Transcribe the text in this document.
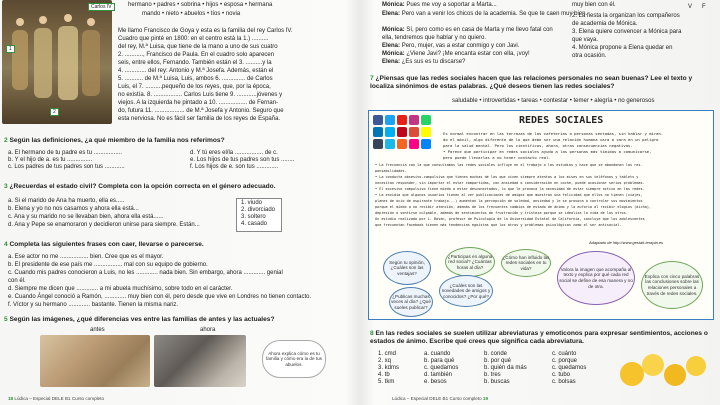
Carlos IV
1
2
hermano • padres • sobrina • hijos • esposa • hermana
mando • nieto • abuelos • tíos • novia
Me llamo Francisco de Goya y esta es la familia del rey Carlos IV.
Cuadro que pinté en 1800: en el centro está la 1.) ..........
del rey, M.ª Luisa, que tiene de la mano a uno de sus cuatro
2. ..........., Francisco de Paula. En el cuadro solo aparecen
seis, entre ellos, Fernando. También están el 3. ..........y la
4. ............. del rey: Antonio y M.ª Josefa. Además, están el
5. ........... de M.ª Luisa, Luis, ambos 6. .............. de Carlos
Luis, el 7. ..........pequeño de los reyes, que, por la época,
no existía. 8. ................. Carlos Luis tiene 9. ............jóvenes y
viejos. A la izquierda he pintado a 10. ................. de Fernan-
do, futura 11. .................. de M.ª Josefa y Antonio. Seguro que
esta nerviosa. No es fácil ser familia de los reyes de España.
2 Según las definiciones, ¿a qué miembro de la familia nos referimos?
a. El hermano de tu padre es tu .................
b. Y el hijo de a. es tu ...............
c. Los padres de tus padres son tus ............
d. Y tú eres el/la ................. de c.
e. Los hijos de tus padres son tus ........
f. Los hijos de e. son tus .............
3 ¿Recuerdas el estado civil? Completa con la opción correcta en el género adecuado.
a. Si el marido de Ana ha muerto, ella es.....
b. Elena y yo no nos casamos y ahora ella está...
c. Ana y su marido no se llevaban bien, ahora ella está......
d. Ana y Pepe se enamoraron y decidieron unirse para siempre. Están...
1. viudo
2. divorciado
3. soltero
4. casado
4 Completa las siguientes frases con caer, llevarse o parecerse.
a. Ese actor no me ................. bien. Cree que es el mayor.
b. El presidente de ese país me ................. mal con su equipo de gobierno.
c. Cuando mis padres conocieron a Luis, no les ............. nada bien. Sin embargo, ahora ............. genial
con él.
d. Siempre me dicen que ............. a mi abuela muchísimo, sobre todo en el carácter.
e. Cuando Ángel conoció a Ramón, ............. muy bien con él, pero desde que vive en Londres no tienen contacto.
f. Víctor y su hermano ............. bastante. Tienen la misma nariz.
5 Según las imágenes, ¿qué diferencias ves entre las familias de antes y las actuales?
antes	ahora
Ahora explica cómo es tu familia y cómo era la de tus abuelos.
18 Lúdica – Especial DELE B1 Curso completo
Mónica: Pues me voy a soportar a Marta...
Elena: Pero van a venir los chicos de la academia. Se que te caen muy bien.
Mónica: Sí, pero como es en casa de Marta y me llevo fatal con ella, tendremos que hablar y no quiero.
Elena: Pero, mujer, vas a estar conmigo y con Javi.
Mónica: ¿Viene Javi? ¡Me encanta estar con ella, ¡voy!
Elena: ¿Es sus es tu discarse?
muy bien con él.
2. La fiesta la organizan los compañeros de academia de Mónica.
3. Elena quiere convencer a Mónica para que vaya.
4. Mónica propone a Elena quedar en otra ocasión.
V F
7 ¿Piensas que las redes sociales hacen que las relaciones personales no sean buenas? Lee el texto y localiza sinónimos de estas palabras. ¿Qué deseos tienen las redes sociales?
saludable • introvertidas • tareas • contestar • temer • alegría • no generosos
REDES SOCIALES
Es normal encontrar en las terrazas de las cafeterías a personas sentadas, sin hablar y miran-
do el móvil, algo diferente de lo que debe ser una relación humana cara a cara en un pelígro
para la salud mental. Pero los científicos, ahora, otras consecuencias negativas.
• Parece que participar en redes sociales ayuda a las personas más tímidas a comunicarse,
pero puede llevarlas a no tener contacto real.
• La frecuencia con la que consultamos las redes sociales influye en el trabajo o las estudios y hace que se abandonen las res-
ponsabilidades.
• La conducta obsesivo-compulsiva que tienen muchas de las que viven siempre atentas a los mises en sus teléfonos y tablets y
necesitan responder, sin importar el estar compartidas, con ansiedad o consideración en coche, puede ocasionar serios problemas.
• El excesivo compulsivo tiene miedo a estar desconectados, lo que le provoca la necesidad de estar siempre activo en las redes.
• La envidia que algunos usuarios tienen al ver publicaciones de amigos que muestran una felicidad que ellos no tienen (viajes,
planes de ocio de aspirante trabajo...) aumentan la percepción de soledad, ansiedad y le se provoca a controlar sus movimientos
porque el miedo a no recibir atención, además de los frecuentes cambios de estado de ánimo y la euforia al recibir elogios (dicha),
depresión o sentirse culpable, además de sentimientos de frustración y tristeza porque se idealiza la vida de los otros.
Un estudio realizado por L. Rosen, profesor de Psicología de la Universidad Estatal de California, concluye que los adolescentes
que frecuentan Facebook tienen más tendencias egoístas que los otros y problemas psicológicos como el ser antisocial.
Adaptado de http://www.gestalt-terapia.es
Según tu opinión, ¿Cuáles son las ventajas?
¿Participas en alguna red social? ¿Cuántas horas al día?
¿Cómo han influido las redes sociales en tu vida?
¿Cuáles son las novedades de amigos y conocidos? ¿Por qué?
¿Publicas muchas veces al día? ¿Qué sueles publicar?
Valora la imagen que acompaña al texto y explica por qué cada red social se define de esa manera y no de otra.
Explica con cinco palabras las conclusiones sobre las relaciones personales a través de redes sociales.
8 En las redes sociales se suelen utilizar abreviaturas y emoticonos para expresar sentimientos, acciones o estados de ánimo. Escribe qué crees que significa cada abreviatura.
1. cmd
2. xq
3. kdms
4. tb
5. tkm
a. cuando
b. para qué
c. quedamos
d. también
e. besos
b. conde
b. por qué
b. quién da más
b. tres
b. buscas
c. cuánto
c. porque
c. quedamos
c. tubo
c. bolsas
Lúdica – Especial DELE B1 Curso completo 19
